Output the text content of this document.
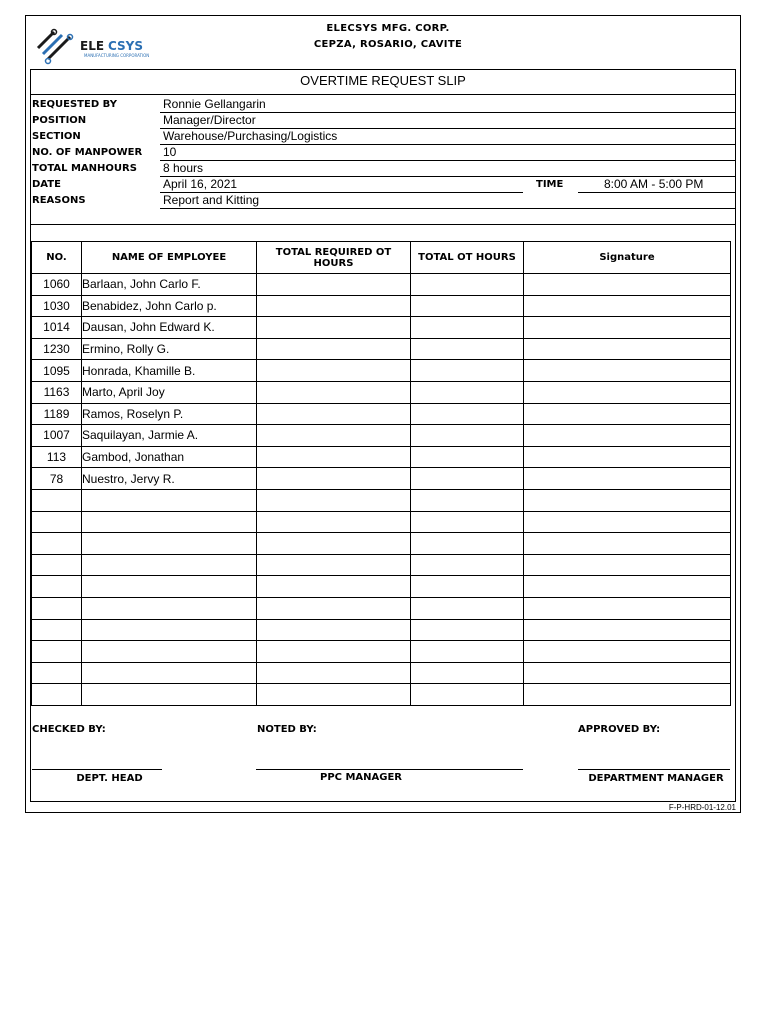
ELE CSYS
MANUFACTURING CORPORATION
ELECSYS MFG. CORP.
CEPZA, ROSARIO, CAVITE
OVERTIME REQUEST SLIP
REQUESTED BY	Ronnie Gellangarin
POSITION	Manager/Director
SECTION	Warehouse/Purchasing/Logistics
NO. OF MANPOWER 10
TOTAL MANHOURS 8 hours
DATE	April 16, 2021	TIME	8:00 AM - 5:00 PM
REASONS	Report and Kitting
NO.	NAME OF EMPLOYEE	TOTAL REQUIRED OT HOURS	TOTAL OT HOURS	Signature
1060	Barlaan, John Carlo F.			
1030	Benabidez, John Carlo p.			
1014	Dausan, John Edward K.			
1230	Ermino, Rolly G.			
1095	Honrada, Khamille B.			
1163	Marto, April Joy			
1189	Ramos, Roselyn P.			
1007	Saquilayan, Jarmie A.			
113	Gambod, Jonathan			
78	Nuestro, Jervy R.			

CHECKED BY:	NOTED BY:	APPROVED BY:
DEPT. HEAD	PPC MANAGER	DEPARTMENT MANAGER
F-P-HRD-01-12.01
